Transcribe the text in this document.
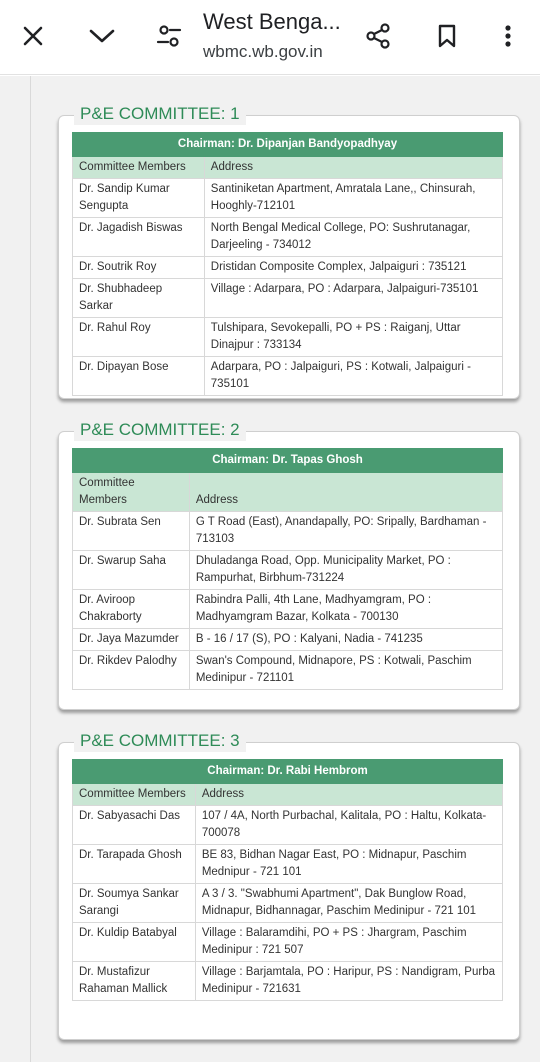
West Benga...
wbmc.wb.gov.in
P&E COMMITTEE: 1
Chairman: Dr. Dipanjan Bandyopadhyay	
Committee Members	Address
Dr. Sandip Kumar Sengupta	Santiniketan Apartment, Amratala Lane,, Chinsurah, Hooghly-712101
Dr. Jagadish Biswas	North Bengal Medical College, PO: Sushrutanagar, Darjeeling - 734012
Dr. Soutrik Roy	Dristidan Composite Complex, Jalpaiguri : 735121
Dr. Shubhadeep Sarkar	Village : Adarpara, PO : Adarpara, Jalpaiguri-735101
Dr. Rahul Roy	Tulshipara, Sevokepalli, PO + PS : Raiganj, Uttar Dinajpur : 733134
Dr. Dipayan Bose	Adarpara, PO : Jalpaiguri, PS : Kotwali, Jalpaiguri - 735101
P&E COMMITTEE: 2
Chairman: Dr. Tapas Ghosh	
Committee Members	Address
Dr. Subrata Sen	G T Road (East), Anandapally, PO: Sripally, Bardhaman - 713103
Dr. Swarup Saha	Dhuladanga Road, Opp. Municipality Market, PO : Rampurhat, Birbhum-731224
Dr. Aviroop Chakraborty	Rabindra Palli, 4th Lane, Madhyamgram, PO : Madhyamgram Bazar, Kolkata - 700130
Dr. Jaya Mazumder	B - 16 / 17 (S), PO : Kalyani, Nadia - 741235
Dr. Rikdev Palodhy	Swan's Compound, Midnapore, PS : Kotwali, Paschim Medinipur - 721101
P&E COMMITTEE: 3
Chairman: Dr. Rabi Hembrom	
Committee Members	Address
Dr. Sabyasachi Das	107 / 4A, North Purbachal, Kalitala, PO : Haltu, Kolkata-700078
Dr. Tarapada Ghosh	BE 83, Bidhan Nagar East, PO : Midnapur, Paschim Mednipur - 721 101
Dr. Soumya Sankar Sarangi	A 3 / 3. "Swabhumi Apartment", Dak Bunglow Road, Midnapur, Bidhannagar, Paschim Medinipur - 721 101
Dr. Kuldip Batabyal	Village : Balaramdihi, PO + PS : Jhargram, Paschim Medinipur : 721 507
Dr. Mustafizur Rahaman Mallick	Village : Barjamtala, PO : Haripur, PS : Nandigram, Purba Medinipur - 721631
